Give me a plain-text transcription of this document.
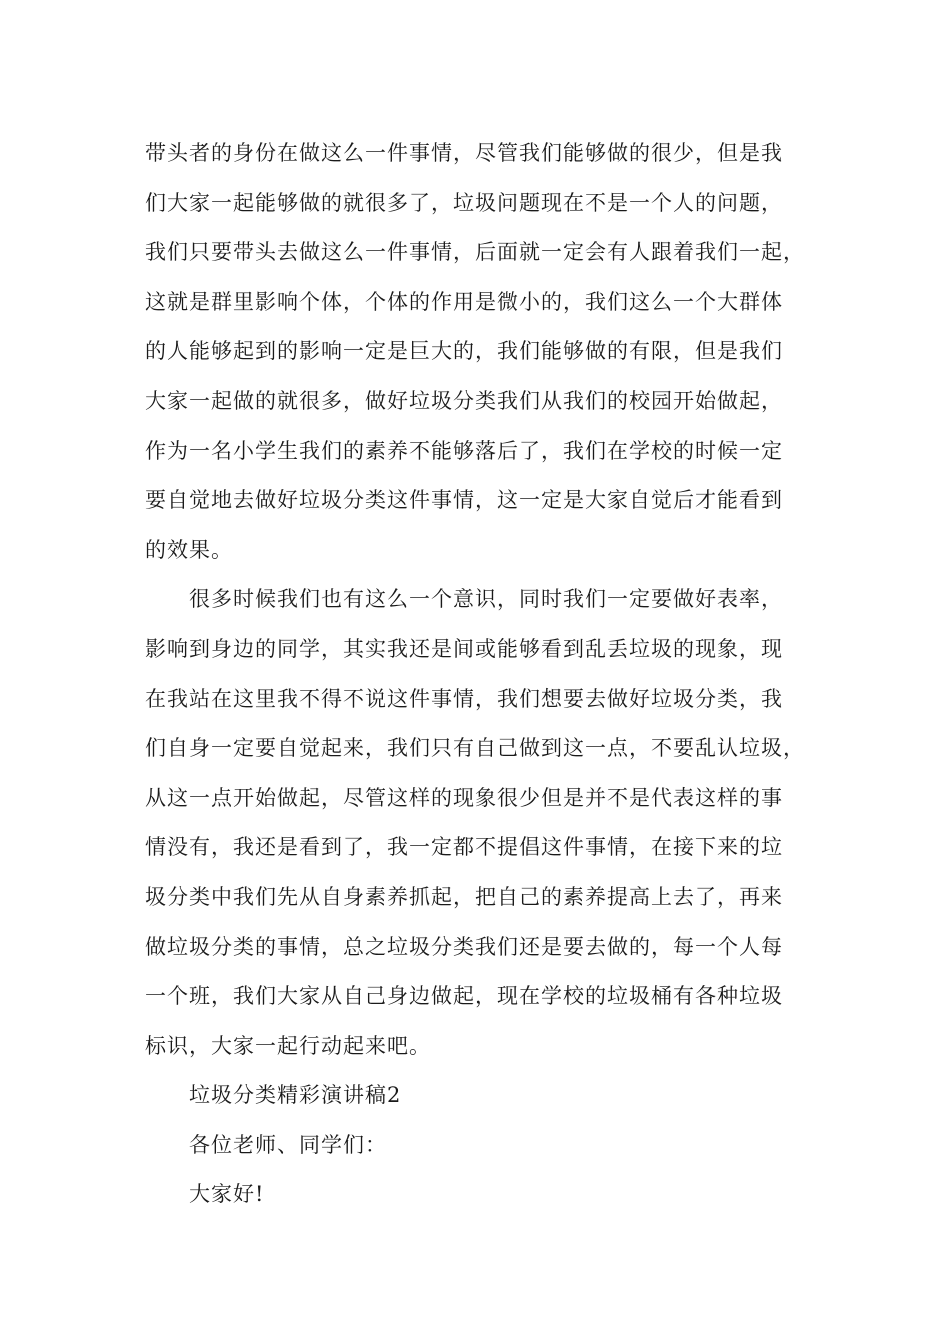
带头者的身份在做这么一件事情，尽管我们能够做的很少，但是我
们大家一起能够做的就很多了，垃圾问题现在不是一个人的问题，
我们只要带头去做这么一件事情，后面就一定会有人跟着我们一起，
这就是群里影响个体，个体的作用是微小的，我们这么一个大群体
的人能够起到的影响一定是巨大的，我们能够做的有限，但是我们
大家一起做的就很多，做好垃圾分类我们从我们的校园开始做起，
作为一名小学生我们的素养不能够落后了，我们在学校的时候一定
要自觉地去做好垃圾分类这件事情，这一定是大家自觉后才能看到
的效果。
很多时候我们也有这么一个意识，同时我们一定要做好表率，
影响到身边的同学，其实我还是间或能够看到乱丢垃圾的现象，现
在我站在这里我不得不说这件事情，我们想要去做好垃圾分类，我
们自身一定要自觉起来，我们只有自己做到这一点，不要乱认垃圾，
从这一点开始做起，尽管这样的现象很少但是并不是代表这样的事
情没有，我还是看到了，我一定都不提倡这件事情，在接下来的垃
圾分类中我们先从自身素养抓起，把自己的素养提高上去了，再来
做垃圾分类的事情，总之垃圾分类我们还是要去做的，每一个人每
一个班，我们大家从自己身边做起，现在学校的垃圾桶有各种垃圾
标识，大家一起行动起来吧。
垃圾分类精彩演讲稿2
各位老师、同学们：
大家好!
